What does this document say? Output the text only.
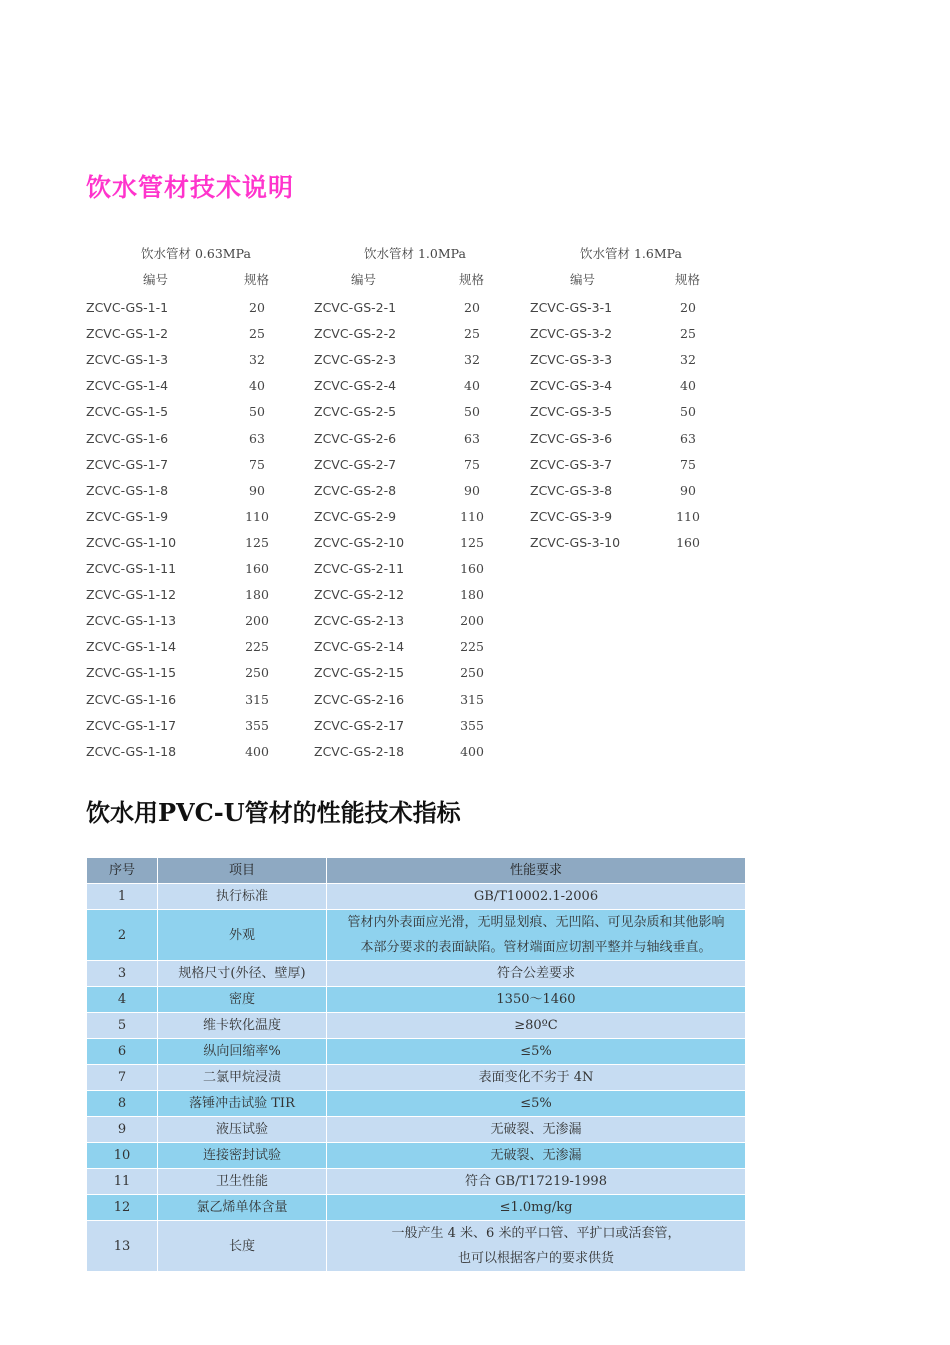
饮水管材技术说明
饮水管材 0.63MPa
编号	规格
ZCVC-GS-1-1	20
ZCVC-GS-1-2	25
ZCVC-GS-1-3	32
ZCVC-GS-1-4	40
ZCVC-GS-1-5	50
ZCVC-GS-1-6	63
ZCVC-GS-1-7	75
ZCVC-GS-1-8	90
ZCVC-GS-1-9	110
ZCVC-GS-1-10	125
ZCVC-GS-1-11	160
ZCVC-GS-1-12	180
ZCVC-GS-1-13	200
ZCVC-GS-1-14	225
ZCVC-GS-1-15	250
ZCVC-GS-1-16	315
ZCVC-GS-1-17	355
ZCVC-GS-1-18	400
饮水管材 1.0MPa
编号	规格
ZCVC-GS-2-1	20
ZCVC-GS-2-2	25
ZCVC-GS-2-3	32
ZCVC-GS-2-4	40
ZCVC-GS-2-5	50
ZCVC-GS-2-6	63
ZCVC-GS-2-7	75
ZCVC-GS-2-8	90
ZCVC-GS-2-9	110
ZCVC-GS-2-10	125
ZCVC-GS-2-11	160
ZCVC-GS-2-12	180
ZCVC-GS-2-13	200
ZCVC-GS-2-14	225
ZCVC-GS-2-15	250
ZCVC-GS-2-16	315
ZCVC-GS-2-17	355
ZCVC-GS-2-18	400
饮水管材 1.6MPa
编号	规格
ZCVC-GS-3-1	20
ZCVC-GS-3-2	25
ZCVC-GS-3-3	32
ZCVC-GS-3-4	40
ZCVC-GS-3-5	50
ZCVC-GS-3-6	63
ZCVC-GS-3-7	75
ZCVC-GS-3-8	90
ZCVC-GS-3-9	110
ZCVC-GS-3-10	160
饮水用PVC-U管材的性能技术指标
序号	项目	性能要求
1	执行标准	GB/T10002.1-2006

2	外观	管材内外表面应光滑，无明显划痕、无凹陷、可见杂质和其他影响
本部分要求的表面缺陷。管材端面应切割平整并与轴线垂直。

3	规格尺寸(外径、壁厚)	符合公差要求

4	密度	1350～1460

5	维卡软化温度	≥80ºC

6	纵向回缩率%	≤5%

7	二氯甲烷浸渍	表面变化不劣于 4N

8	落锤冲击试验 TIR	≤5%

9	液压试验	无破裂、无渗漏

10	连接密封试验	无破裂、无渗漏

11	卫生性能	符合 GB/T17219-1998

12	氯乙烯单体含量	≤1.0mg/kg

13	长度	一般产生 4 米、6 米的平口管、平扩口或活套管，
也可以根据客户的要求供货
